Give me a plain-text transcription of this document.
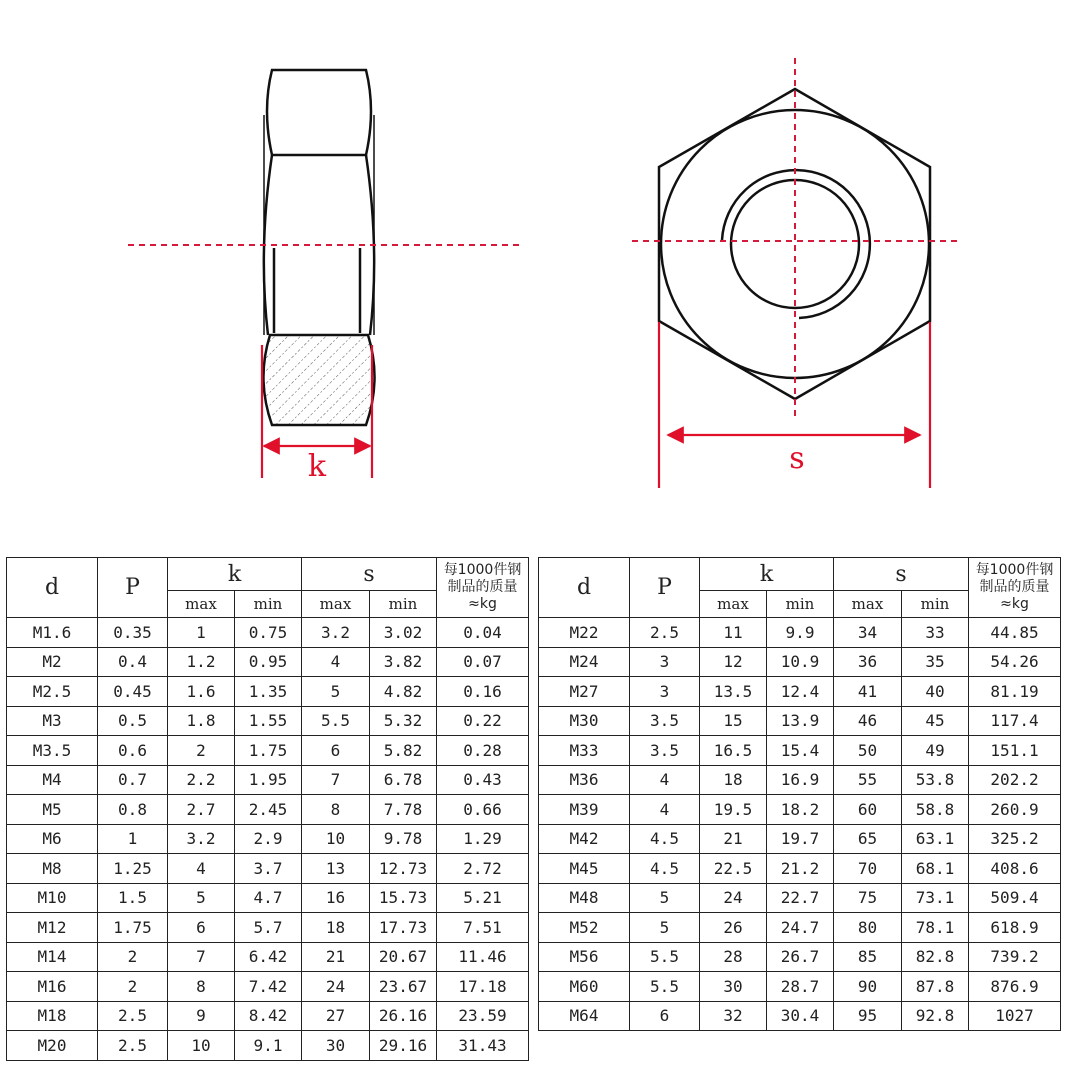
k	s
d	P	k		s		每1000件钢
制品的质量
≈kg

		max	min	max	min	
M1.6	0.35	1	0.75	3.2	3.02	0.04
M2	0.4	1.2	0.95	4	3.82	0.07
M2.5	0.45	1.6	1.35	5	4.82	0.16
M3	0.5	1.8	1.55	5.5	5.32	0.22
M3.5	0.6	2	1.75	6	5.82	0.28
M4	0.7	2.2	1.95	7	6.78	0.43
M5	0.8	2.7	2.45	8	7.78	0.66
M6	1	3.2	2.9	10	9.78	1.29
M8	1.25	4	3.7	13	12.73	2.72
M10	1.5	5	4.7	16	15.73	5.21
M12	1.75	6	5.7	18	17.73	7.51
M14	2	7	6.42	21	20.67	11.46
M16	2	8	7.42	24	23.67	17.18
M18	2.5	9	8.42	27	26.16	23.59
M20	2.5	10	9.1	30	29.16	31.43
d	P	k		s		每1000件钢
制品的质量
≈kg

		max	min	max	min	
M22	2.5	11	9.9	34	33	44.85
M24	3	12	10.9	36	35	54.26
M27	3	13.5	12.4	41	40	81.19
M30	3.5	15	13.9	46	45	117.4
M33	3.5	16.5	15.4	50	49	151.1
M36	4	18	16.9	55	53.8	202.2
M39	4	19.5	18.2	60	58.8	260.9
M42	4.5	21	19.7	65	63.1	325.2
M45	4.5	22.5	21.2	70	68.1	408.6
M48	5	24	22.7	75	73.1	509.4
M52	5	26	24.7	80	78.1	618.9
M56	5.5	28	26.7	85	82.8	739.2
M60	5.5	30	28.7	90	87.8	876.9
M64	6	32	30.4	95	92.8	1027
